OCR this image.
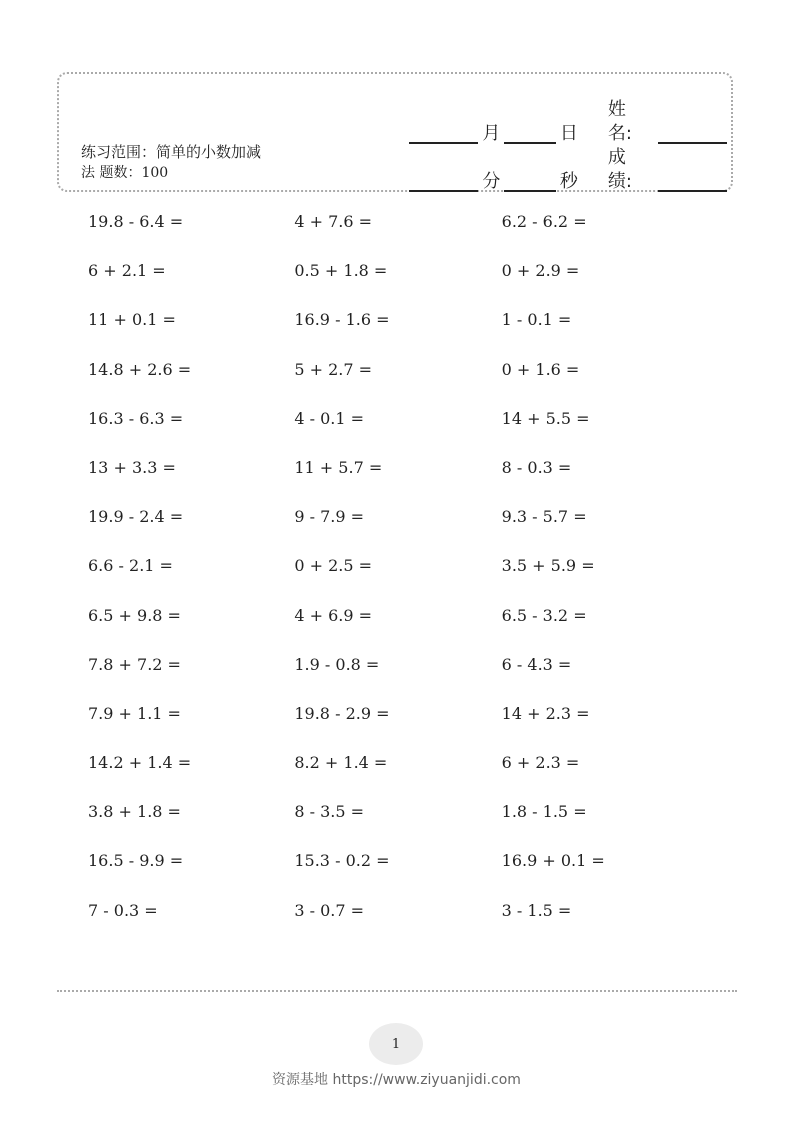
练习范围：简单的小数加减
法 题数：100
月	日
姓名:
分	秒
成绩:
19.8 - 6.4 =	4 + 7.6 =	6.2 - 6.2 =
6 + 2.1 =	0.5 + 1.8 =	0 + 2.9 =
11 + 0.1 =	16.9 - 1.6 =	1 - 0.1 =
14.8 + 2.6 =	5 + 2.7 =	0 + 1.6 =
16.3 - 6.3 =	4 - 0.1 =	14 + 5.5 =
13 + 3.3 =	11 + 5.7 =	8 - 0.3 =
19.9 - 2.4 =	9 - 7.9 =	9.3 - 5.7 =
6.6 - 2.1 =	0 + 2.5 =	3.5 + 5.9 =
6.5 + 9.8 =	4 + 6.9 =	6.5 - 3.2 =
7.8 + 7.2 =	1.9 - 0.8 =	6 - 4.3 =
7.9 + 1.1 =	19.8 - 2.9 =	14 + 2.3 =
14.2 + 1.4 =	8.2 + 1.4 =	6 + 2.3 =
3.8 + 1.8 =	8 - 3.5 =	1.8 - 1.5 =
16.5 - 9.9 =	15.3 - 0.2 =	16.9 + 0.1 =
7 - 0.3 =	3 - 0.7 =	3 - 1.5 =
1
资源基地 https://www.ziyuanjidi.com
